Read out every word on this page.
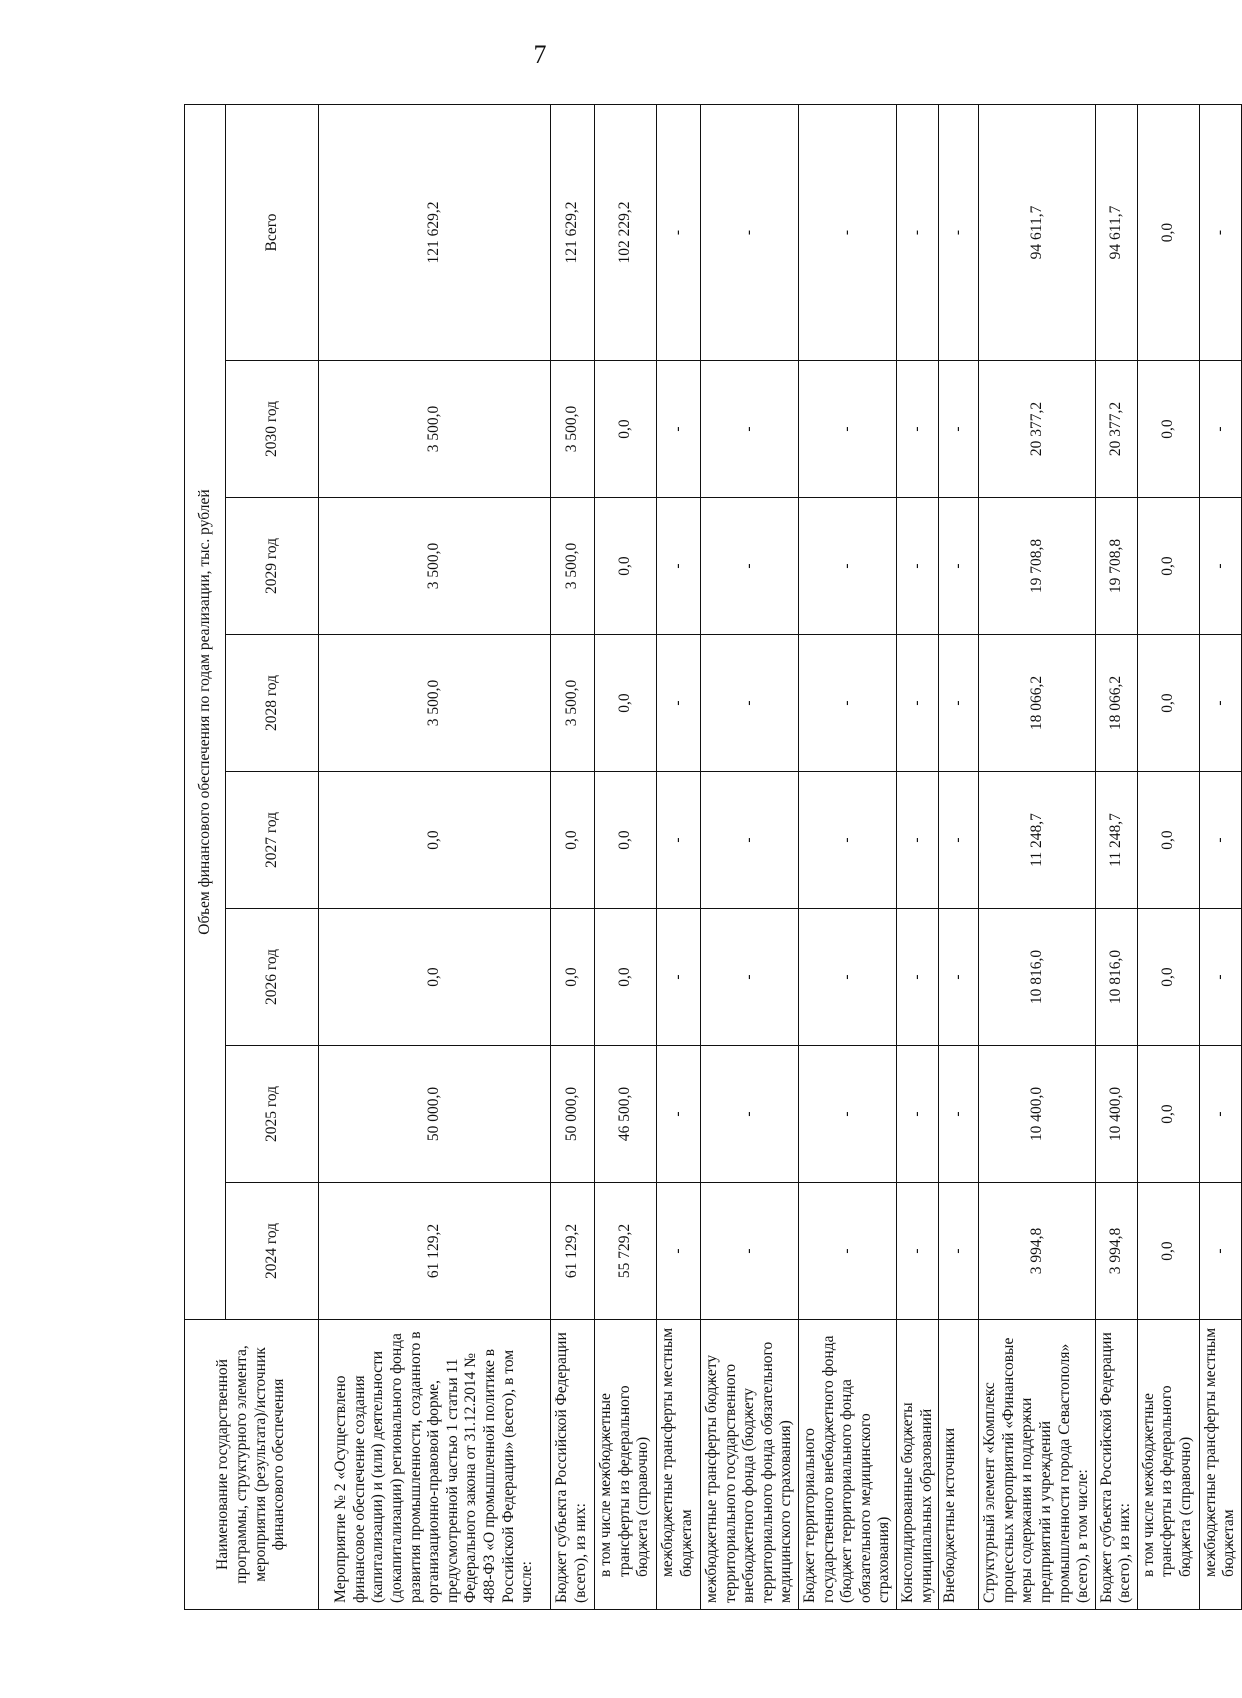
7
Наименование государственной программы, структурного элемента, мероприятия (результата)/источник финансового обеспечения	Объем финансового обеспечения по годам реализации, тыс. рублей							
	2024 год	2025 год	2026 год	2027 год	2028 год	2029 год	2030 год	Всего
Мероприятие № 2 «Осуществлено финансовое обеспечение создания (капитализации) и (или) деятельности (докапитализации) регионального фонда развития промышленности, созданного в организационно-правовой форме, предусмотренной частью 1 статьи 11 Федерального закона от 31.12.2014 № 488-ФЗ «О промышленной политике в Российской Федерации» (всего), в том числе:	61 129,2	50 000,0	0,0	0,0	3 500,0	3 500,0	3 500,0	121 629,2
Бюджет субъекта Российской Федерации (всего), из них:	61 129,2	50 000,0	0,0	0,0	3 500,0	3 500,0	3 500,0	121 629,2
в том числе межбюджетные трансферты из федерального бюджета (справочно)	55 729,2	46 500,0	0,0	0,0	0,0	0,0	0,0	102 229,2
межбюджетные трансферты местным бюджетам	-	-	-	-	-	-	-	-
межбюджетные трансферты бюджету территориального государственного внебюджетного фонда (бюджету территориального фонда обязательного медицинского страхования)	-	-	-	-	-	-	-	-
Бюджет территориального государственного внебюджетного фонда (бюджет территориального фонда обязательного медицинского страхования)	-	-	-	-	-	-	-	-
Консолидированные бюджеты муниципальных образований	-	-	-	-	-	-	-	-
Внебюджетные источники	-	-	-	-	-	-	-	-
Структурный элемент «Комплекс процессных мероприятий «Финансовые меры содержания и поддержки предприятий и учреждений промышленности города Севастополя» (всего), в том числе:	3 994,8	10 400,0	10 816,0	11 248,7	18 066,2	19 708,8	20 377,2	94 611,7
Бюджет субъекта Российской Федерации (всего), из них:	3 994,8	10 400,0	10 816,0	11 248,7	18 066,2	19 708,8	20 377,2	94 611,7
в том числе межбюджетные трансферты из федерального бюджета (справочно)	0,0	0,0	0,0	0,0	0,0	0,0	0,0	0,0
межбюджетные трансферты местным бюджетам	-	-	-	-	-	-	-	-
